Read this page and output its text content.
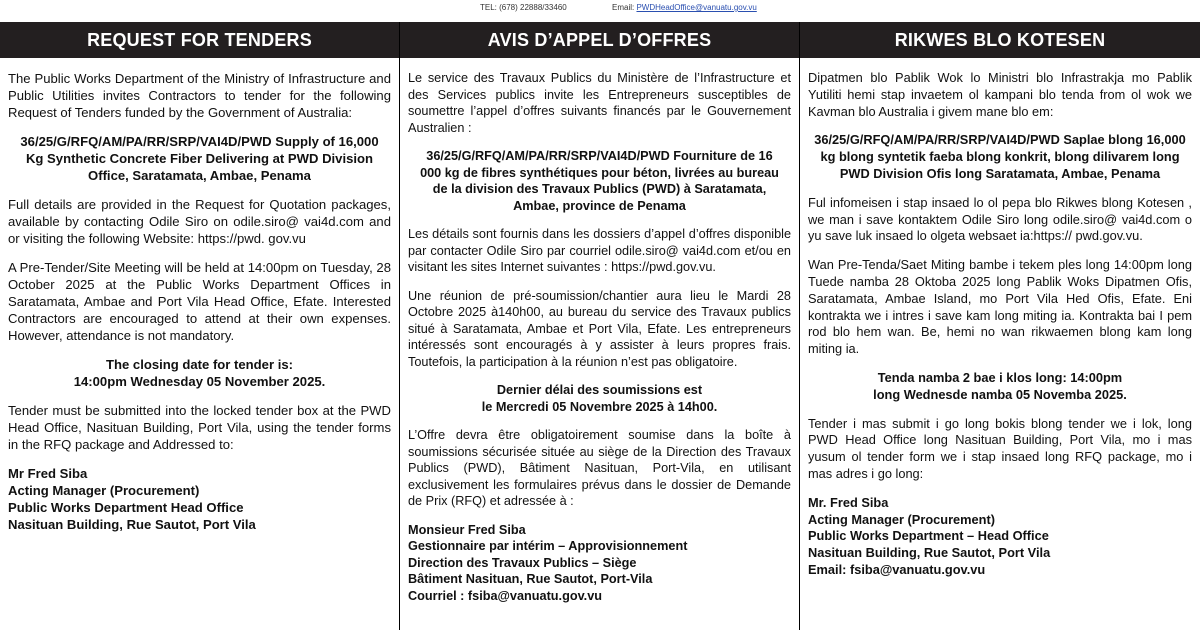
TEL: (678) 22888/33460	Email: PWDHeadOffice@vanuatu.gov.vu
REQUEST FOR TENDERS

The Public Works Department of the Ministry of Infrastructure and Public Utilities invites Contractors to tender for the following Request of Tenders funded by the Government of Australia:

36/25/G/RFQ/AM/PA/RR/SRP/VAI4D/PWD Supply of 16,000 Kg Synthetic Concrete Fiber Delivering at PWD Division Office, Saratamata, Ambae, Penama

Full details are provided in the Request for Quotation packages, available by contacting Odile Siro on odile.siro@ vai4d.com and or visiting the following Website: https://pwd. gov.vu

A Pre-Tender/Site Meeting will be held at 14:00pm on Tuesday, 28 October 2025 at the Public Works Department Offices in Saratamata, Ambae and Port Vila Head Office, Efate. Interested Contractors are encouraged to attend at their own expenses. However, attendance is not mandatory.

The closing date for tender is:
14:00pm Wednesday 05 November 2025.

Tender must be submitted into the locked tender box at the PWD Head Office, Nasituan Building, Port Vila, using the tender forms in the RFQ package and Addressed to:

Mr Fred Siba
Acting Manager (Procurement)
Public Works Department Head Office
Nasituan Building, Rue Sautot, Port Vila
AVIS D’APPEL D’OFFRES

Le service des Travaux Publics du Ministère de l’Infrastructure et des Services publics invite les Entrepreneurs susceptibles de soumettre l’appel d’offres suivants financés par le Gouvernement Australien :

36/25/G/RFQ/AM/PA/RR/SRP/VAI4D/PWD Fourniture de 16 000 kg de fibres synthétiques pour béton, livrées au bureau de la division des Travaux Publics (PWD) à Saratamata, Ambae, province de Penama

Les détails sont fournis dans les dossiers d’appel d’offres disponible par contacter Odile Siro par courriel odile.siro@ vai4d.com et/ou en visitant les sites Internet suivantes : https://pwd.gov.vu.

Une réunion de pré-soumission/chantier aura lieu le Mardi 28 Octobre 2025 à140h00, au bureau du service des Travaux publics situé à Saratamata, Ambae et Port Vila, Efate. Les entrepreneurs intéressés sont encouragés à y assister à leurs propres frais. Toutefois, la participation à la réunion n’est pas obligatoire.

Dernier délai des soumissions est
le Mercredi 05 Novembre 2025 à 14h00.

L’Offre devra être obligatoirement soumise dans la boîte à soumissions sécurisée située au siège de la Direction des Travaux Publics (PWD), Bâtiment Nasituan, Port-Vila, en utilisant exclusivement les formulaires prévus dans le dossier de Demande de Prix (RFQ) et adressée à :

Monsieur Fred Siba
Gestionnaire par intérim – Approvisionnement
Direction des Travaux Publics – Siège
Bâtiment Nasituan, Rue Sautot, Port-Vila
Courriel : fsiba@vanuatu.gov.vu
RIKWES BLO KOTESEN

Dipatmen blo Pablik Wok lo Ministri blo Infrastrakja mo Pablik Yutiliti hemi stap invaetem ol kampani blo tenda from ol wok we Kavman blo Australia i givem mane blo em:

36/25/G/RFQ/AM/PA/RR/SRP/VAI4D/PWD Saplae blong 16,000 kg blong syntetik faeba blong konkrit, blong dilivarem long PWD Division Ofis long Saratamata, Ambae, Penama

Ful infomeisen i stap insaed lo ol pepa blo Rikwes blong Kotesen , we man i save kontaktem Odile Siro long odile.siro@ vai4d.com o yu save luk insaed lo olgeta websaet ia:https:// pwd.gov.vu.

Wan Pre-Tenda/Saet Miting bambe i tekem ples long 14:00pm long Tuede namba 28 Oktoba 2025 long Pablik Woks Dipatmen Ofis, Saratamata, Ambae Island, mo Port Vila Hed Ofis, Efate. Eni kontrakta we i intres i save kam long miting ia. Kontrakta bai I pem rod blo hem wan. Be, hemi no wan rikwaemen blong kam long miting ia.

Tenda namba 2 bae i klos long: 14:00pm
long Wednesde namba 05 Novemba 2025.

Tender i mas submit i go long bokis blong tender we i lok, long PWD Head Office long Nasituan Building, Port Vila, mo i mas yusum ol tender form we i stap insaed long RFQ package, mo i mas adres i go long:

Mr. Fred Siba
Acting Manager (Procurement)
Public Works Department – Head Office
Nasituan Building, Rue Sautot, Port Vila
Email: fsiba@vanuatu.gov.vu
